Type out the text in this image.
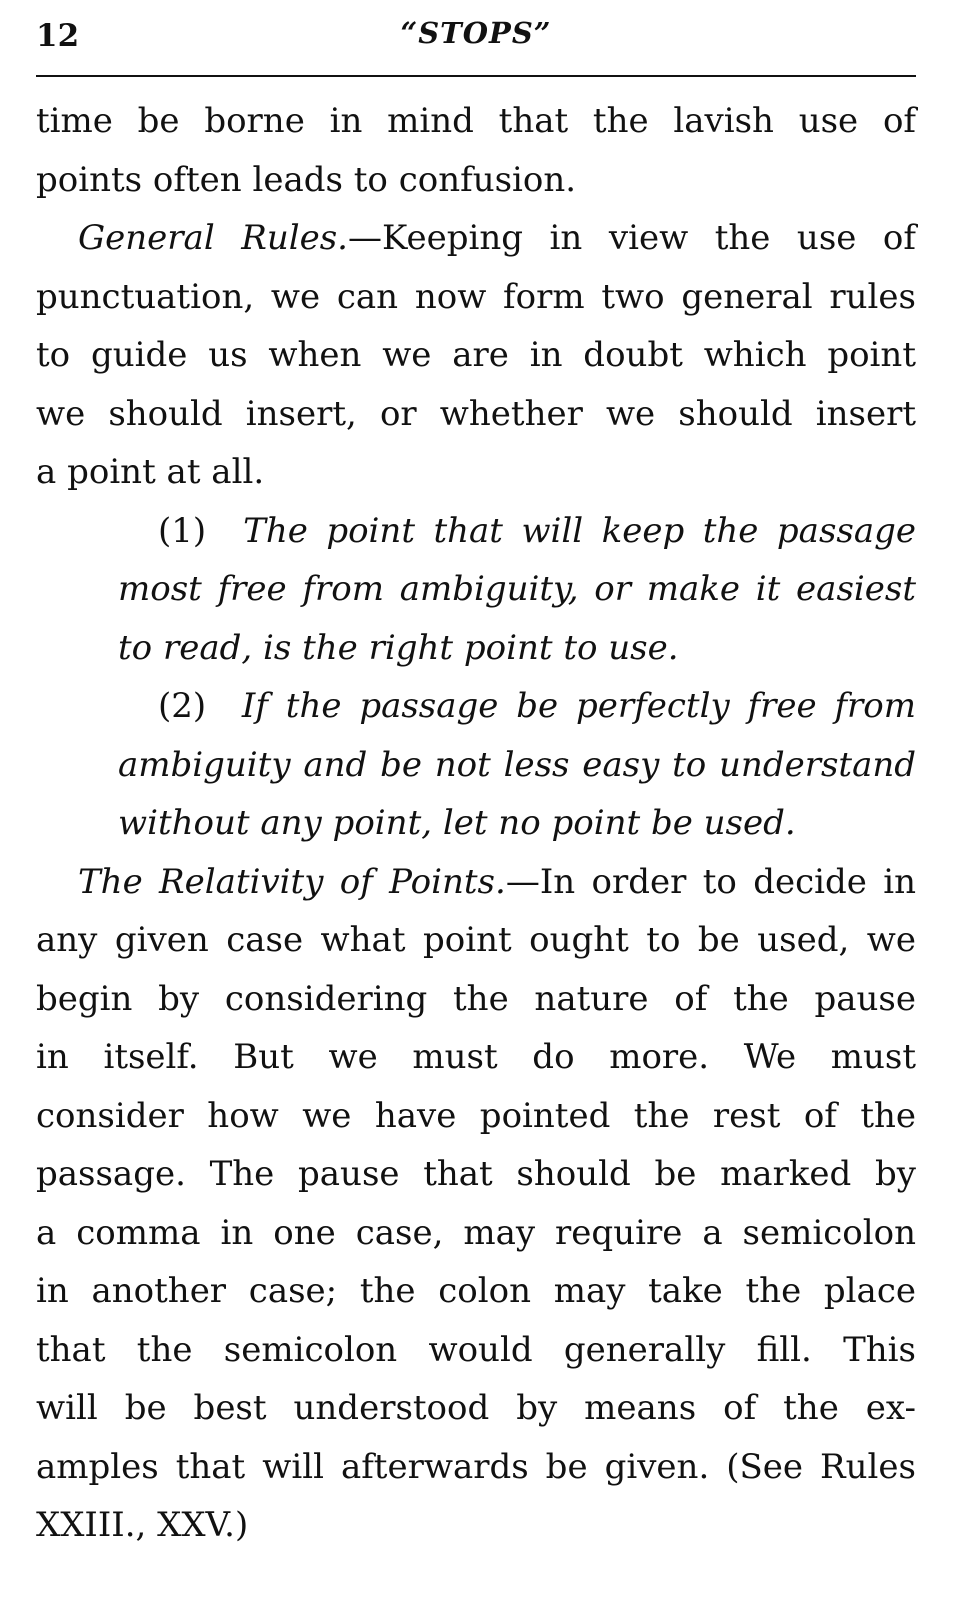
12	“STOPS”
time be borne in mind that the lavish use of
points often leads to confusion.
General Rules.—Keeping in view the use of
punctuation, we can now form two general rules
to guide us when we are in doubt which point
we should insert, or whether we should insert
a point at all.
(1) The point that will keep the passage
most free from ambiguity, or make it easiest
to read, is the right point to use.
(2) If the passage be perfectly free from
ambiguity and be not less easy to understand
without any point, let no point be used.
The Relativity of Points.—In order to decide in
any given case what point ought to be used, we
begin by considering the nature of the pause
in itself. But we must do more. We must
consider how we have pointed the rest of the
passage. The pause that should be marked by
a comma in one case, may require a semicolon
in another case; the colon may take the place
that the semicolon would generally fill. This
will be best understood by means of the ex-
amples that will afterwards be given. (See Rules
XXIII., XXV.)
